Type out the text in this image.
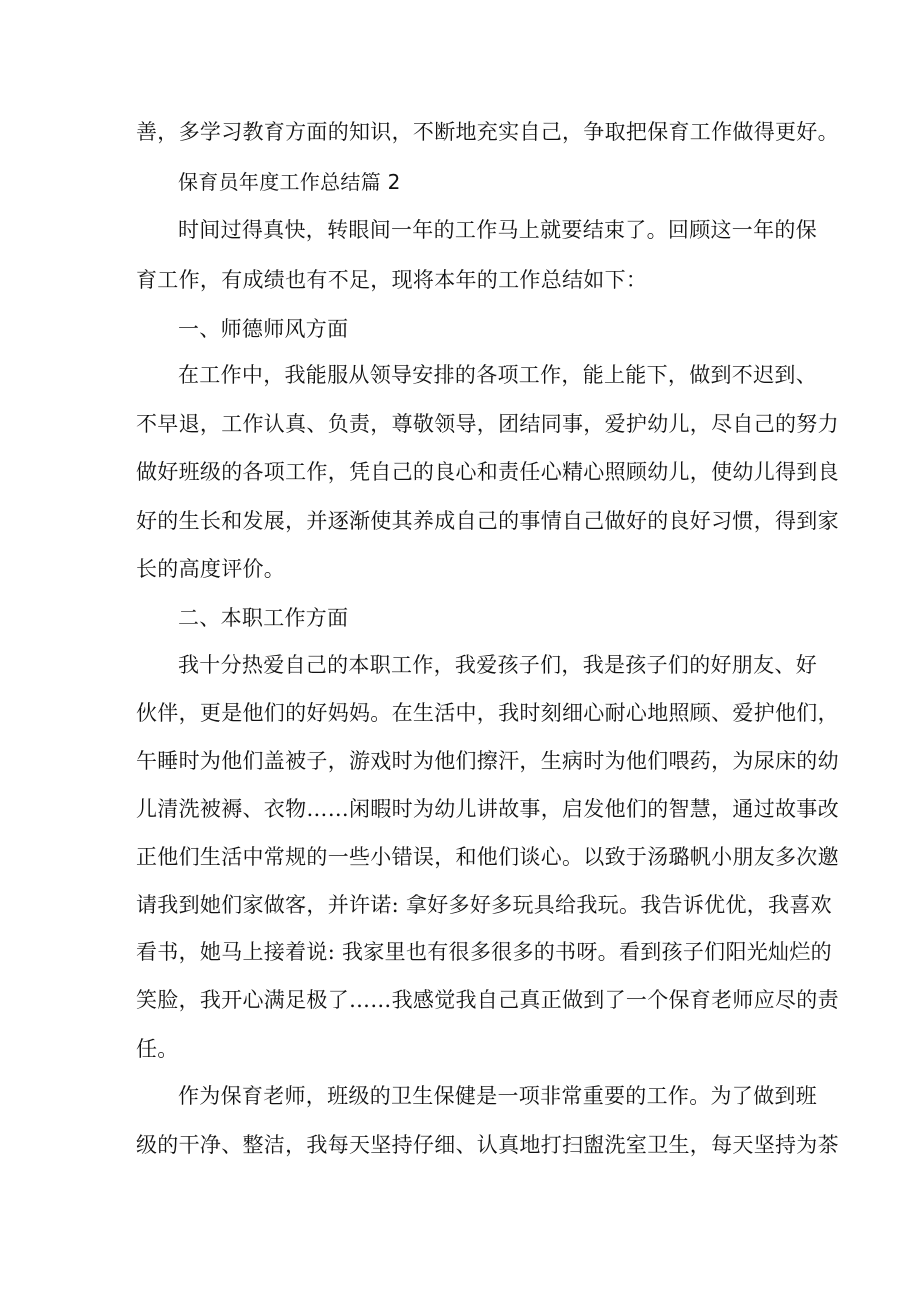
善，多学习教育方面的知识，不断地充实自己，争取把保育工作做得更好。
保育员年度工作总结篇 2
时间过得真快，转眼间一年的工作马上就要结束了。回顾这一年的保
育工作，有成绩也有不足，现将本年的工作总结如下：
一、师德师风方面
在工作中，我能服从领导安排的各项工作，能上能下，做到不迟到、
不早退，工作认真、负责，尊敬领导，团结同事，爱护幼儿，尽自己的努力
做好班级的各项工作，凭自己的良心和责任心精心照顾幼儿，使幼儿得到良
好的生长和发展，并逐渐使其养成自己的事情自己做好的良好习惯，得到家
长的高度评价。
二、本职工作方面
我十分热爱自己的本职工作，我爱孩子们，我是孩子们的好朋友、好
伙伴，更是他们的好妈妈。在生活中，我时刻细心耐心地照顾、爱护他们，
午睡时为他们盖被子，游戏时为他们擦汗，生病时为他们喂药，为尿床的幼
儿清洗被褥、衣物……闲暇时为幼儿讲故事，启发他们的智慧，通过故事改
正他们生活中常规的一些小错误，和他们谈心。以致于汤璐帆小朋友多次邀
请我到她们家做客，并许诺: 拿好多好多玩具给我玩。我告诉优优，我喜欢
看书，她马上接着说: 我家里也有很多很多的书呀。看到孩子们阳光灿烂的
笑脸，我开心满足极了……我感觉我自己真正做到了一个保育老师应尽的责
任。
作为保育老师，班级的卫生保健是一项非常重要的工作。为了做到班
级的干净、整洁，我每天坚持仔细、认真地打扫盥洗室卫生，每天坚持为茶
